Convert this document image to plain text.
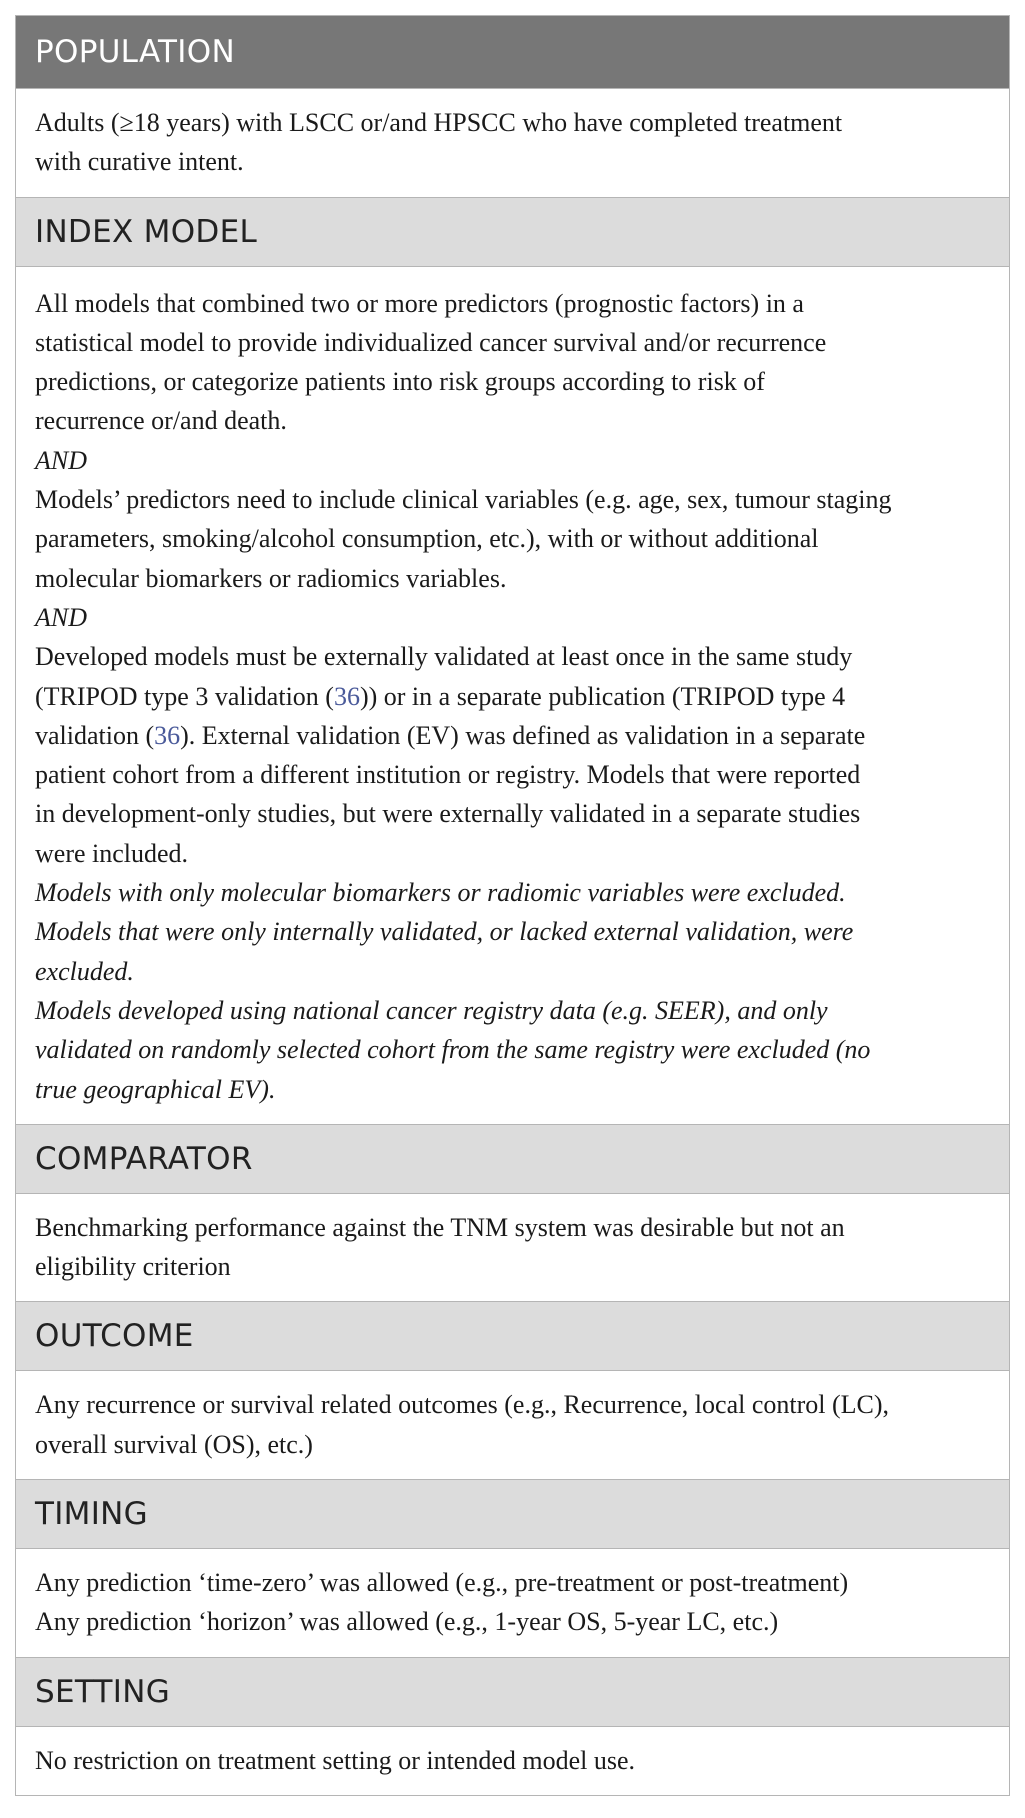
POPULATION
Adults (≥18 years) with LSCC or/and HPSCC who have completed treatment
with curative intent.
INDEX MODEL
All models that combined two or more predictors (prognostic factors) in a
statistical model to provide individualized cancer survival and/or recurrence
predictions, or categorize patients into risk groups according to risk of
recurrence or/and death.
AND
Models’ predictors need to include clinical variables (e.g. age, sex, tumour staging
parameters, smoking/alcohol consumption, etc.), with or without additional
molecular biomarkers or radiomics variables.
AND
Developed models must be externally validated at least once in the same study
(TRIPOD type 3 validation (36)) or in a separate publication (TRIPOD type 4
validation (36). External validation (EV) was defined as validation in a separate
patient cohort from a different institution or registry. Models that were reported
in development-only studies, but were externally validated in a separate studies
were included.
Models with only molecular biomarkers or radiomic variables were excluded.
Models that were only internally validated, or lacked external validation, were
excluded.
Models developed using national cancer registry data (e.g. SEER), and only
validated on randomly selected cohort from the same registry were excluded (no
true geographical EV).
COMPARATOR
Benchmarking performance against the TNM system was desirable but not an
eligibility criterion
OUTCOME
Any recurrence or survival related outcomes (e.g., Recurrence, local control (LC),
overall survival (OS), etc.)
TIMING
Any prediction ‘time-zero’ was allowed (e.g., pre-treatment or post-treatment)
Any prediction ‘horizon’ was allowed (e.g., 1-year OS, 5-year LC, etc.)
SETTING
No restriction on treatment setting or intended model use.
